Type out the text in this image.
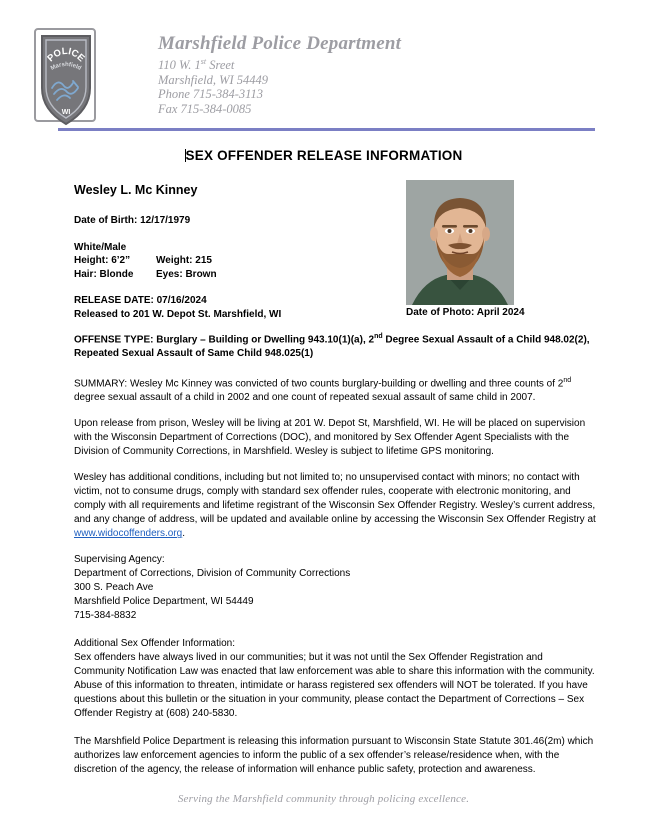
POLICE
Marshfield
WI
Marshfield Police Department
110 W. 1st Sreet
Marshfield, WI 54449
Phone 715-384-3113
Fax 715-384-0085
SEX OFFENDER RELEASE INFORMATION
Wesley L. Mc Kinney
Date of Birth: 12/17/1979
White/Male
Height: 6’2”	Weight: 215
Hair: Blonde	Eyes: Brown
RELEASE DATE: 07/16/2024
Released to 201 W. Depot St. Marshfield, WI	Date of Photo: April 2024
OFFENSE TYPE: Burglary – Building or Dwelling 943.10(1)(a), 2nd Degree Sexual Assault of a Child 948.02(2), Repeated Sexual Assault of Same Child 948.025(1)

SUMMARY: Wesley Mc Kinney was convicted of two counts burglary-building or dwelling and three counts of 2nd degree sexual assault of a child in 2002 and one count of repeated sexual assault of same child in 2007.

Upon release from prison, Wesley will be living at 201 W. Depot St, Marshfield, WI. He will be placed on supervision with the Wisconsin Department of Corrections (DOC), and monitored by Sex Offender Agent Specialists with the Division of Community Corrections, in Marshfield. Wesley is subject to lifetime GPS monitoring.

Wesley has additional conditions, including but not limited to; no unsupervised contact with minors; no contact with victim, not to consume drugs, comply with standard sex offender rules, cooperate with electronic monitoring, and comply with all requirements and lifetime registrant of the Wisconsin Sex Offender Registry. Wesley’s current address, and any change of address, will be updated and available online by accessing the Wisconsin Sex Offender Registry at www.widocoffenders.org.

Supervising Agency:
Department of Corrections, Division of Community Corrections
300 S. Peach Ave
Marshfield Police Department, WI 54449
715-384-8832
Additional Sex Offender Information:
Sex offenders have always lived in our communities; but it was not until the Sex Offender Registration and Community Notification Law was enacted that law enforcement was able to share this information with the community. Abuse of this information to threaten, intimidate or harass registered sex offenders will NOT be tolerated. If you have questions about this bulletin or the situation in your community, please contact the Department of Corrections – Sex Offender Registry at (608) 240-5830.

The Marshfield Police Department is releasing this information pursuant to Wisconsin State Statute 301.46(2m) which authorizes law enforcement agencies to inform the public of a sex offender’s release/residence when, with the discretion of the agency, the release of information will enhance public safety, protection and awareness.

Serving the Marshfield community through policing excellence.
